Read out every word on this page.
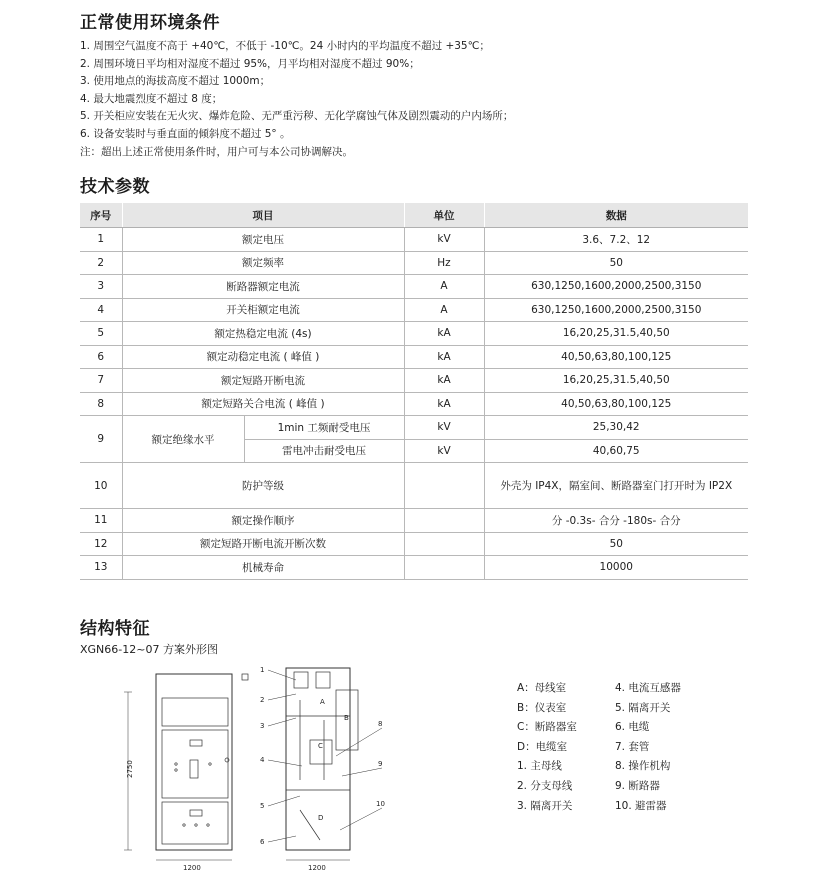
正常使用环境条件
1. 周围空气温度不高于 +40℃，不低于 -10℃。24 小时内的平均温度不超过 +35℃；
2. 周围环境日平均相对湿度不超过 95%，月平均相对湿度不超过 90%；
3. 使用地点的海拔高度不超过 1000m；
4. 最大地震烈度不超过 8 度；
5. 开关柜应安装在无火灾、爆炸危险、无严重污秽、无化学腐蚀气体及剧烈震动的户内场所；
6. 设备安装时与垂直面的倾斜度不超过 5° 。
注：超出上述正常使用条件时，用户可与本公司协调解决。
技术参数
序号	项目		单位	数据
1	额定电压		kV	3.6、7.2、12
2	额定频率		Hz	50
3	断路器额定电流		A	630,1250,1600,2000,2500,3150
4	开关柜额定电流		A	630,1250,1600,2000,2500,3150
5	额定热稳定电流 (4s)		kA	16,20,25,31.5,40,50
6	额定动稳定电流 ( 峰值 )		kA	40,50,63,80,100,125
7	额定短路开断电流		kA	16,20,25,31.5,40,50
8	额定短路关合电流 ( 峰值 )		kA	40,50,63,80,100,125
9	额定绝缘水平	1min 工频耐受电压	kV	25,30,42
		雷电冲击耐受电压	kV	40,60,75
10	防护等级			外壳为 IP4X，隔室间、断路器室门打开时为 IP2X
11	额定操作顺序			分 -0.3s- 合分 -180s- 合分
12	额定短路开断电流开断次数			50
13	机械寿命			10000
结构特征
XGN66-12~07 方案外形图
2750
1200
A
B
C
D
1
2
3
4
5
6
8
9
10
1200
A：母线室
B：仪表室
C：断路器室
D：电缆室
1. 主母线
2. 分支母线
3. 隔离开关
4. 电流互感器
5. 隔离开关
6. 电缆
7. 套管
8. 操作机构
9. 断路器
10. 避雷器
